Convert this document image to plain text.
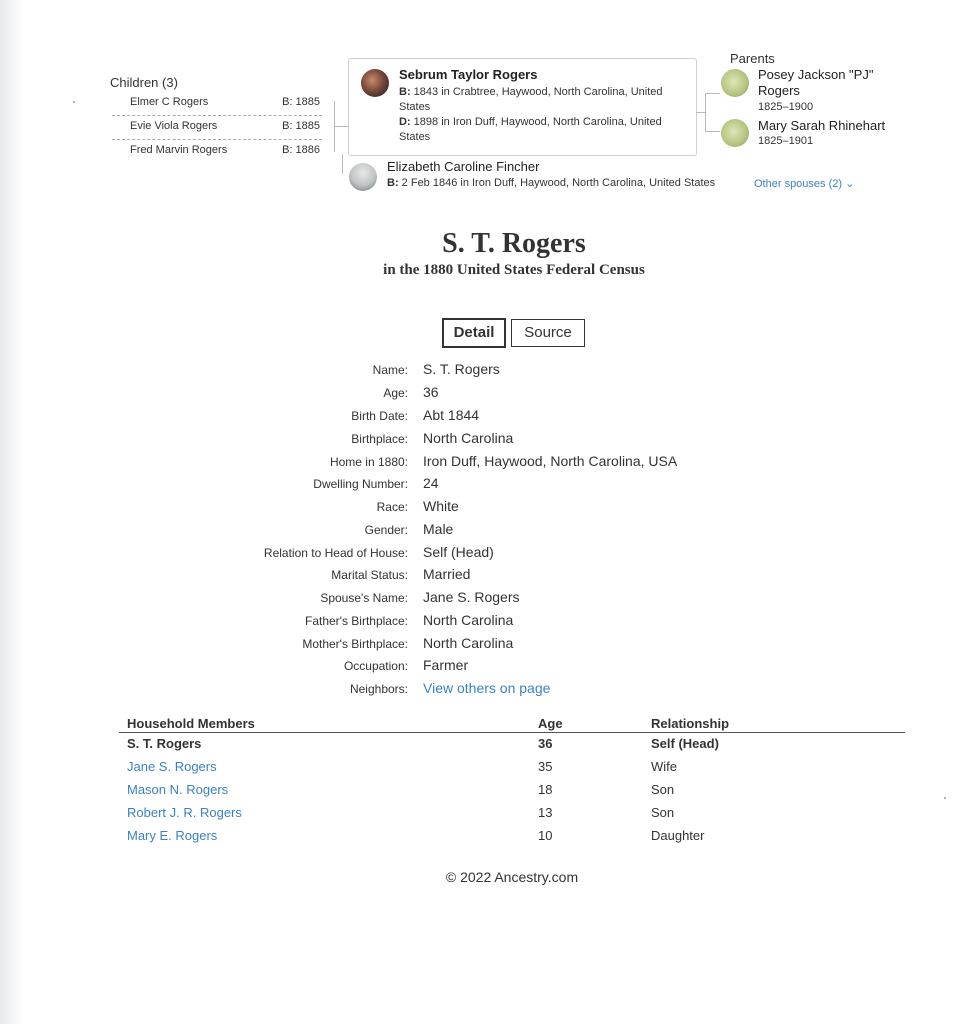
Children (3)
Elmer C Rogers	B: 1885
Evie Viola Rogers	B: 1885
Fred Marvin Rogers	B: 1886
Sebrum Taylor Rogers
B: 1843 in Crabtree, Haywood, North Carolina, United States
D: 1898 in Iron Duff, Haywood, North Carolina, United States
Elizabeth Caroline Fincher
B: 2 Feb 1846 in Iron Duff, Haywood, North Carolina, United States	Other spouses (2) ⌄
Parents
Posey Jackson "PJ" Rogers
1825–1900
Mary Sarah Rhinehart
1825–1901
S. T. Rogers
in the 1880 United States Federal Census
Detail	Source
Name: S. T. Rogers
Age: 36
Birth Date: Abt 1844
Birthplace: North Carolina
Home in 1880: Iron Duff, Haywood, North Carolina, USA
Dwelling Number: 24
Race: White
Gender: Male
Relation to Head of House: Self (Head)
Marital Status: Married
Spouse's Name: Jane S. Rogers
Father's Birthplace: North Carolina
Mother's Birthplace: North Carolina
Occupation: Farmer
Neighbors: View others on page
Household Members	Age	Relationship
S. T. Rogers	36	Self (Head)
Jane S. Rogers	35	Wife
Mason N. Rogers	18	Son
Robert J. R. Rogers	13	Son
Mary E. Rogers	10	Daughter
© 2022 Ancestry.com
